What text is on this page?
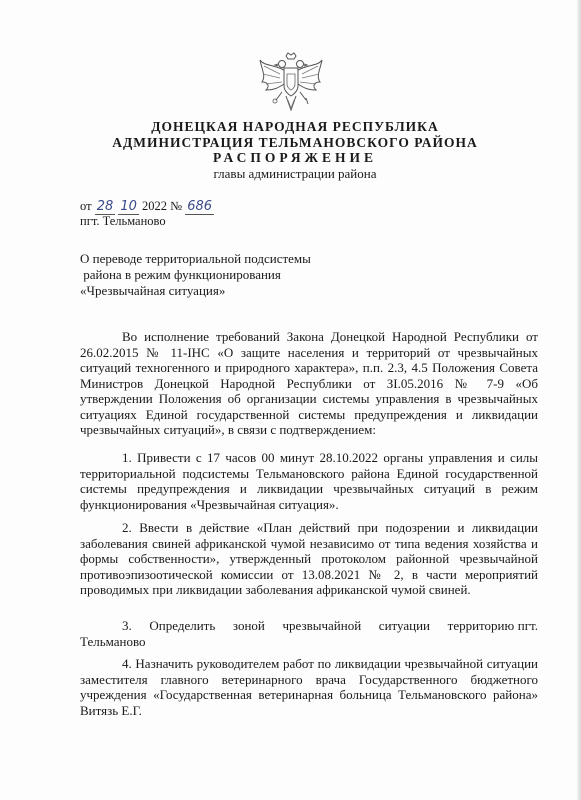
ДОНЕЦКАЯ НАРОДНАЯ РЕСПУБЛИКА
АДМИНИСТРАЦИЯ ТЕЛЬМАНОВСКОГО РАЙОНА
РАСПОРЯЖЕНИЕ
главы администрации района
от 28 10 2022 № 686
пгт. Тельманово
О переводе территориальной подсистемы
района в режим функционирования
«Чрезвычайная ситуация»

Во исполнение требований Закона Донецкой Народной Республики от 26.02.2015 № 11-IНС «О защите населения и территорий от чрезвычайных ситуаций техногенного и природного характера», п.п. 2.3, 4.5 Положения Совета Министров Донецкой Народной Республики от ЗI.05.2016 № 7-9 «Об утверждении Положения об организации системы управления в чрезвычайных ситуациях Единой государственной системы предупреждения и ликвидации чрезвычайных ситуаций», в связи с подтверждением:

1. Привести с 17 часов 00 минут 28.10.2022 органы управления и силы территориальной подсистемы Тельмановского района Единой государственной системы предупреждения и ликвидации чрезвычайных ситуаций в режим функционирования «Чрезвычайная ситуация».

2. Ввести в действие «План действий при подозрении и ликвидации заболевания свиней африканской чумой независимо от типа ведения хозяйства и формы собственности», утвержденный протоколом районной чрезвычайной противоэпизоотической комиссии от 13.08.2021 № 2, в части мероприятий проводимых при ликвидации заболевания африканской чумой свиней.

3.     Определить     зоной     чрезвычайной     ситуации     территорию пгт. Тельманово

4. Назначить руководителем работ по ликвидации чрезвычайной ситуации заместителя главного ветеринарного врача Государственного бюджетного учреждения «Государственная ветеринарная больница Тельмановского района» Витязь Е.Г.
